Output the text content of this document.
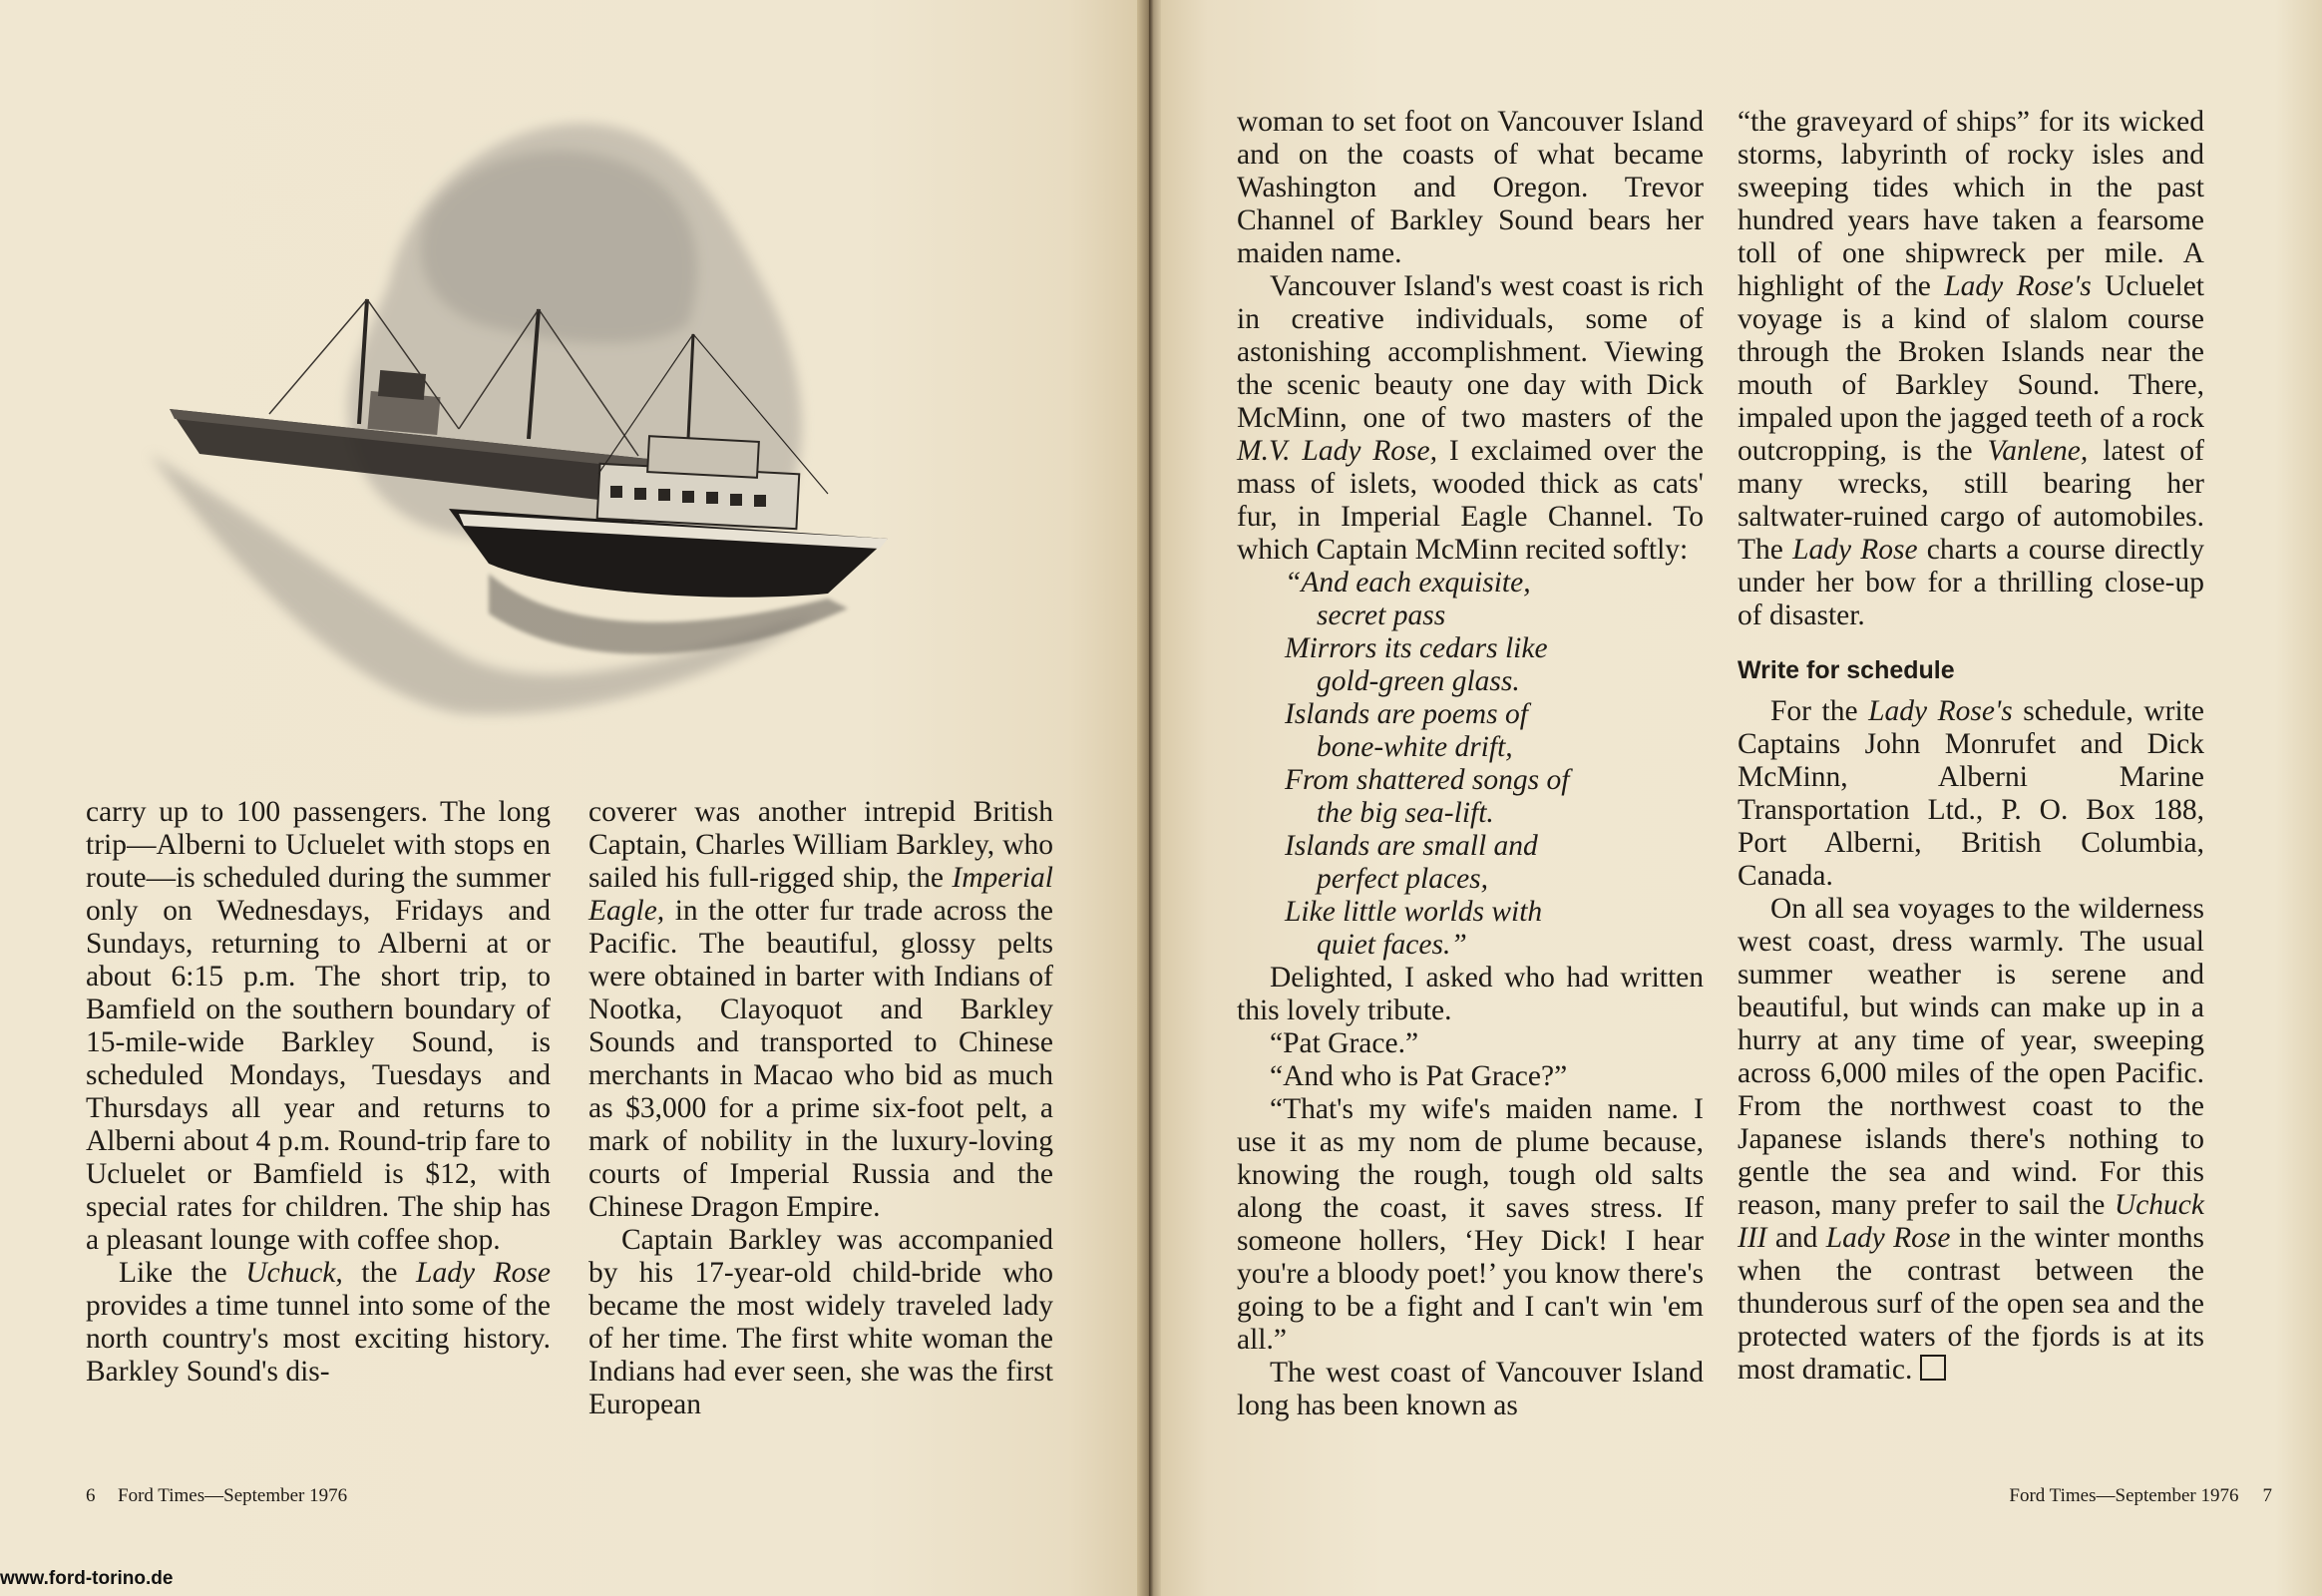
carry up to 100 passengers. The long trip—Alberni to Ucluelet with stops en route—is scheduled during the summer only on Wednesdays, Fridays and Sundays, returning to Alberni at or about 6:15 p.m. The short trip, to Bamfield on the southern boundary of 15-mile-wide Barkley Sound, is scheduled Mondays, Tuesdays and Thursdays all year and returns to Alberni about 4 p.m. Round-trip fare to Ucluelet or Bamfield is $12, with special rates for children. The ship has a pleasant lounge with coffee shop.

Like the Uchuck, the Lady Rose provides a time tunnel into some of the north country's most exciting history. Barkley Sound's dis-

coverer was another intrepid British Captain, Charles William Barkley, who sailed his full-rigged ship, the Imperial Eagle, in the otter fur trade across the Pacific. The beautiful, glossy pelts were obtained in barter with Indians of Nootka, Clayoquot and Barkley Sounds and transported to Chinese merchants in Macao who bid as much as $3,000 for a prime six-foot pelt, a mark of nobility in the luxury-loving courts of Imperial Russia and the Chinese Dragon Empire.

Captain Barkley was accompanied by his 17-year-old child-bride who became the most widely traveled lady of her time. The first white woman the Indians had ever seen, she was the first European

6 Ford Times—September 1976
www.ford-torino.de

woman to set foot on Vancouver Island and on the coasts of what became Washington and Oregon. Trevor Channel of Barkley Sound bears her maiden name.

Vancouver Island's west coast is rich in creative individuals, some of astonishing accomplishment. Viewing the scenic beauty one day with Dick McMinn, one of two masters of the M.V. Lady Rose, I exclaimed over the mass of islets, wooded thick as cats' fur, in Imperial Eagle Channel. To which Captain McMinn recited softly:

“And each exquisite,
secret pass
Mirrors its cedars like
gold-green glass.
Islands are poems of
bone-white drift,
From shattered songs of
the big sea-lift.
Islands are small and
perfect places,
Like little worlds with
quiet faces.”

Delighted, I asked who had written this lovely tribute.

“Pat Grace.”

“And who is Pat Grace?”

“That's my wife's maiden name. I use it as my nom de plume because, knowing the rough, tough old salts along the coast, it saves stress. If someone hollers, ‘Hey Dick! I hear you're a bloody poet!’ you know there's going to be a fight and I can't win 'em all.”

The west coast of Vancouver Island long has been known as

“the graveyard of ships” for its wicked storms, labyrinth of rocky isles and sweeping tides which in the past hundred years have taken a fearsome toll of one shipwreck per mile. A highlight of the Lady Rose's Ucluelet voyage is a kind of slalom course through the Broken Islands near the mouth of Barkley Sound. There, impaled upon the jagged teeth of a rock outcropping, is the Vanlene, latest of many wrecks, still bearing her saltwater-ruined cargo of automobiles. The Lady Rose charts a course directly under her bow for a thrilling close-up of disaster.

Write for schedule

For the Lady Rose's schedule, write Captains John Monrufet and Dick McMinn, Alberni Marine Transportation Ltd., P. O. Box 188, Port Alberni, British Columbia, Canada.

On all sea voyages to the wilderness west coast, dress warmly. The usual summer weather is serene and beautiful, but winds can make up in a hurry at any time of year, sweeping across 6,000 miles of the open Pacific. From the northwest coast to the Japanese islands there's nothing to gentle the sea and wind. For this reason, many prefer to sail the Uchuck III and Lady Rose in the winter months when the contrast between the thunderous surf of the open sea and the protected waters of the fjords is at its most dramatic.

Ford Times—September 1976 7
